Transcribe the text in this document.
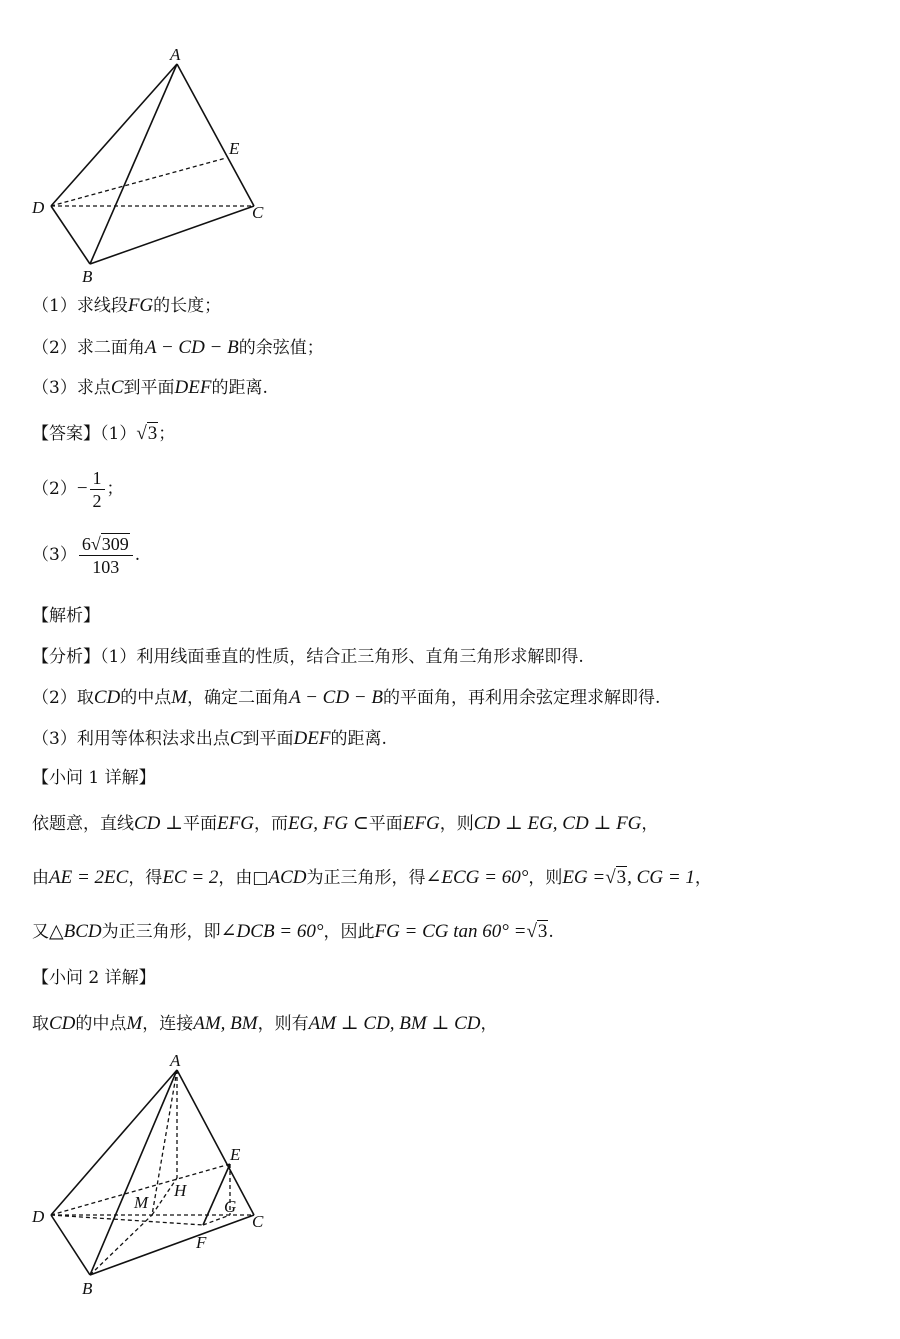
A
E
D	C
B
（1）求线段FG的长度；
（2）求二面角A − CD − B的余弦值；
（3）求点C到平面DEF的距离.
【答案】（1）√3；
$(2)- \frac{1}{2}$ ；
$(3) \frac{6√309}{103}$ .
【解析】
【分析】（1）利用线面垂直的性质，结合正三角形、直角三角形求解即得.
（2）取CD的中点M，确定二面角A − CD − B的平面角，再利用余弦定理求解即得.
（3）利用等体积法求出点C到平面DEF的距离.
【小问 1 详解】
依题意，直线CD ⊥平面EFG，而EG, FG ⊂平面EFG，则CD ⊥ EG, CD ⊥ FG，
由AE = 2EC，得EC = 2，由□ACD为正三角形，得∠ECG = 60°，则EG =√3, CG = 1，
又△BCD为正三角形，即∠DCB = 60°，因此FG = CG tan 60° =√3.
【小问 2 详解】
取CD的中点M，连接AM, BM，则有AM ⊥ CD, BM ⊥ CD，
A
E
D
M
H
G
C
F
B
